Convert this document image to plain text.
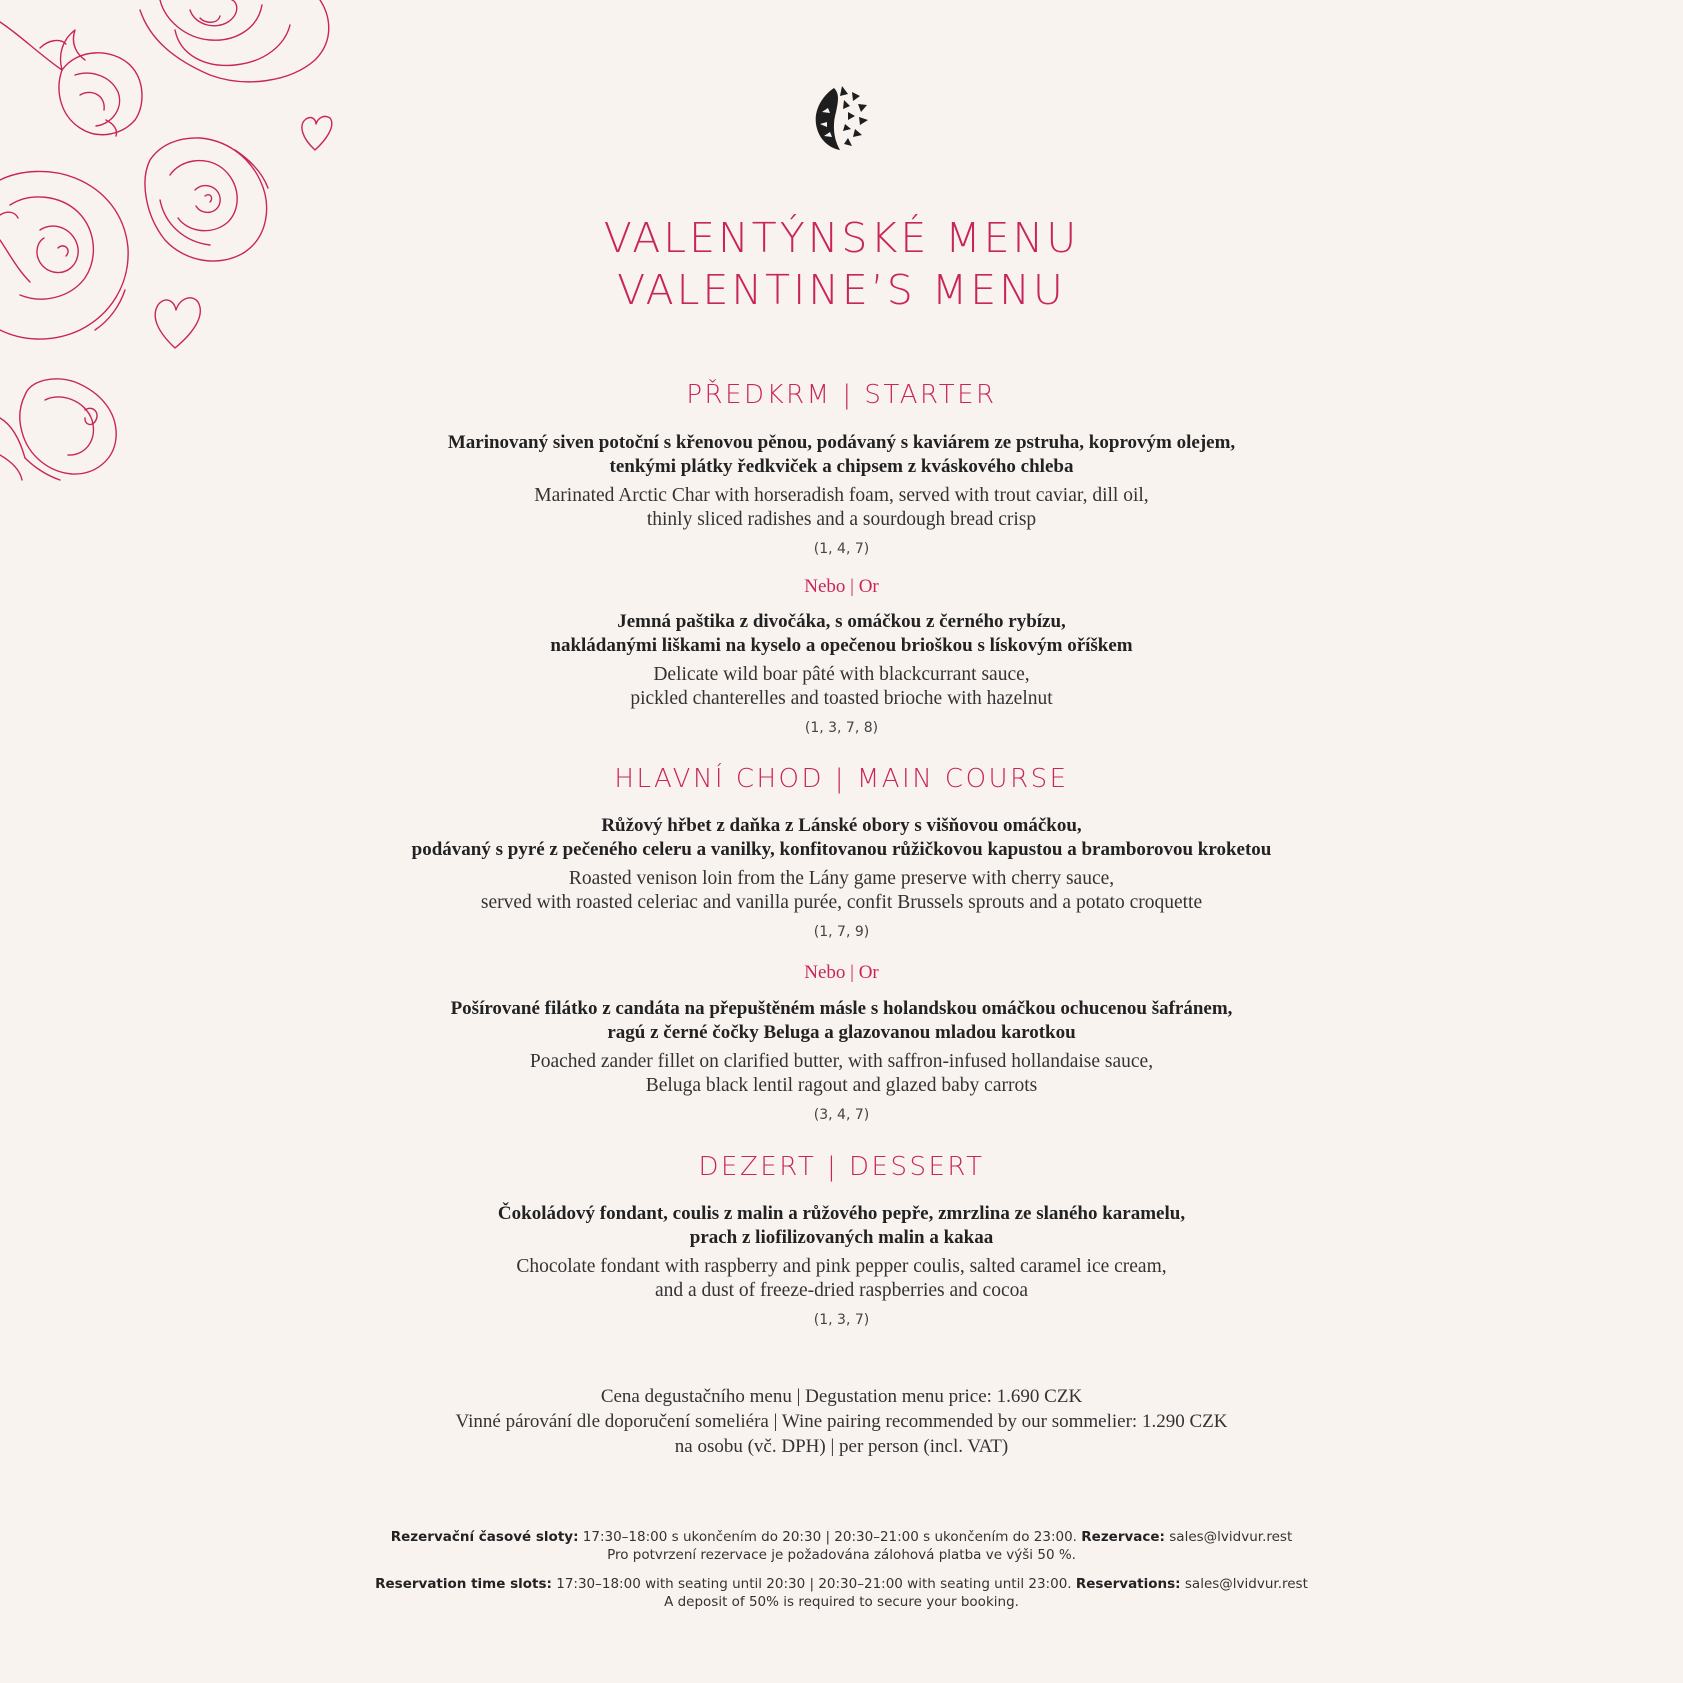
VALENTÝNSKÉ MENU
VALENTINE’S MENU
PŘEDKRM | STARTER
Marinovaný siven potoční s křenovou pěnou, podávaný s kaviárem ze pstruha, koprovým olejem,
tenkými plátky ředkviček a chipsem z kváskového chleba
Marinated Arctic Char with horseradish foam, served with trout caviar, dill oil,
thinly sliced radishes and a sourdough bread crisp
(1, 4, 7)
Nebo | Or
Jemná paštika z divočáka, s omáčkou z černého rybízu,
nakládanými liškami na kyselo a opečenou brioškou s lískovým oříškem
Delicate wild boar pâté with blackcurrant sauce,
pickled chanterelles and toasted brioche with hazelnut
(1, 3, 7, 8)
HLAVNÍ CHOD | MAIN COURSE
Růžový hřbet z daňka z Lánské obory s višňovou omáčkou,
podávaný s pyré z pečeného celeru a vanilky, konfitovanou růžičkovou kapustou a bramborovou kroketou
Roasted venison loin from the Lány game preserve with cherry sauce,
served with roasted celeriac and vanilla purée, confit Brussels sprouts and a potato croquette
(1, 7, 9)
Nebo | Or
Pošírované filátko z candáta na přepuštěném másle s holandskou omáčkou ochucenou šafránem,
ragú z černé čočky Beluga a glazovanou mladou karotkou
Poached zander fillet on clarified butter, with saffron-infused hollandaise sauce,
Beluga black lentil ragout and glazed baby carrots
(3, 4, 7)
DEZERT | DESSERT
Čokoládový fondant, coulis z malin a růžového pepře, zmrzlina ze slaného karamelu,
prach z liofilizovaných malin a kakaa
Chocolate fondant with raspberry and pink pepper coulis, salted caramel ice cream,
and a dust of freeze-dried raspberries and cocoa
(1, 3, 7)
Cena degustačního menu | Degustation menu price: 1.690 CZK
Vinné párování dle doporučení someliéra | Wine pairing recommended by our sommelier: 1.290 CZK
na osobu (vč. DPH) | per person (incl. VAT)
Rezervační časové sloty: 17:30–18:00 s ukončením do 20:30 | 20:30–21:00 s ukončením do 23:00. Rezervace: sales@lvidvur.rest
Pro potvrzení rezervace je požadována zálohová platba ve výši 50 %.
Reservation time slots: 17:30–18:00 with seating until 20:30 | 20:30–21:00 with seating until 23:00. Reservations: sales@lvidvur.rest
A deposit of 50% is required to secure your booking.
